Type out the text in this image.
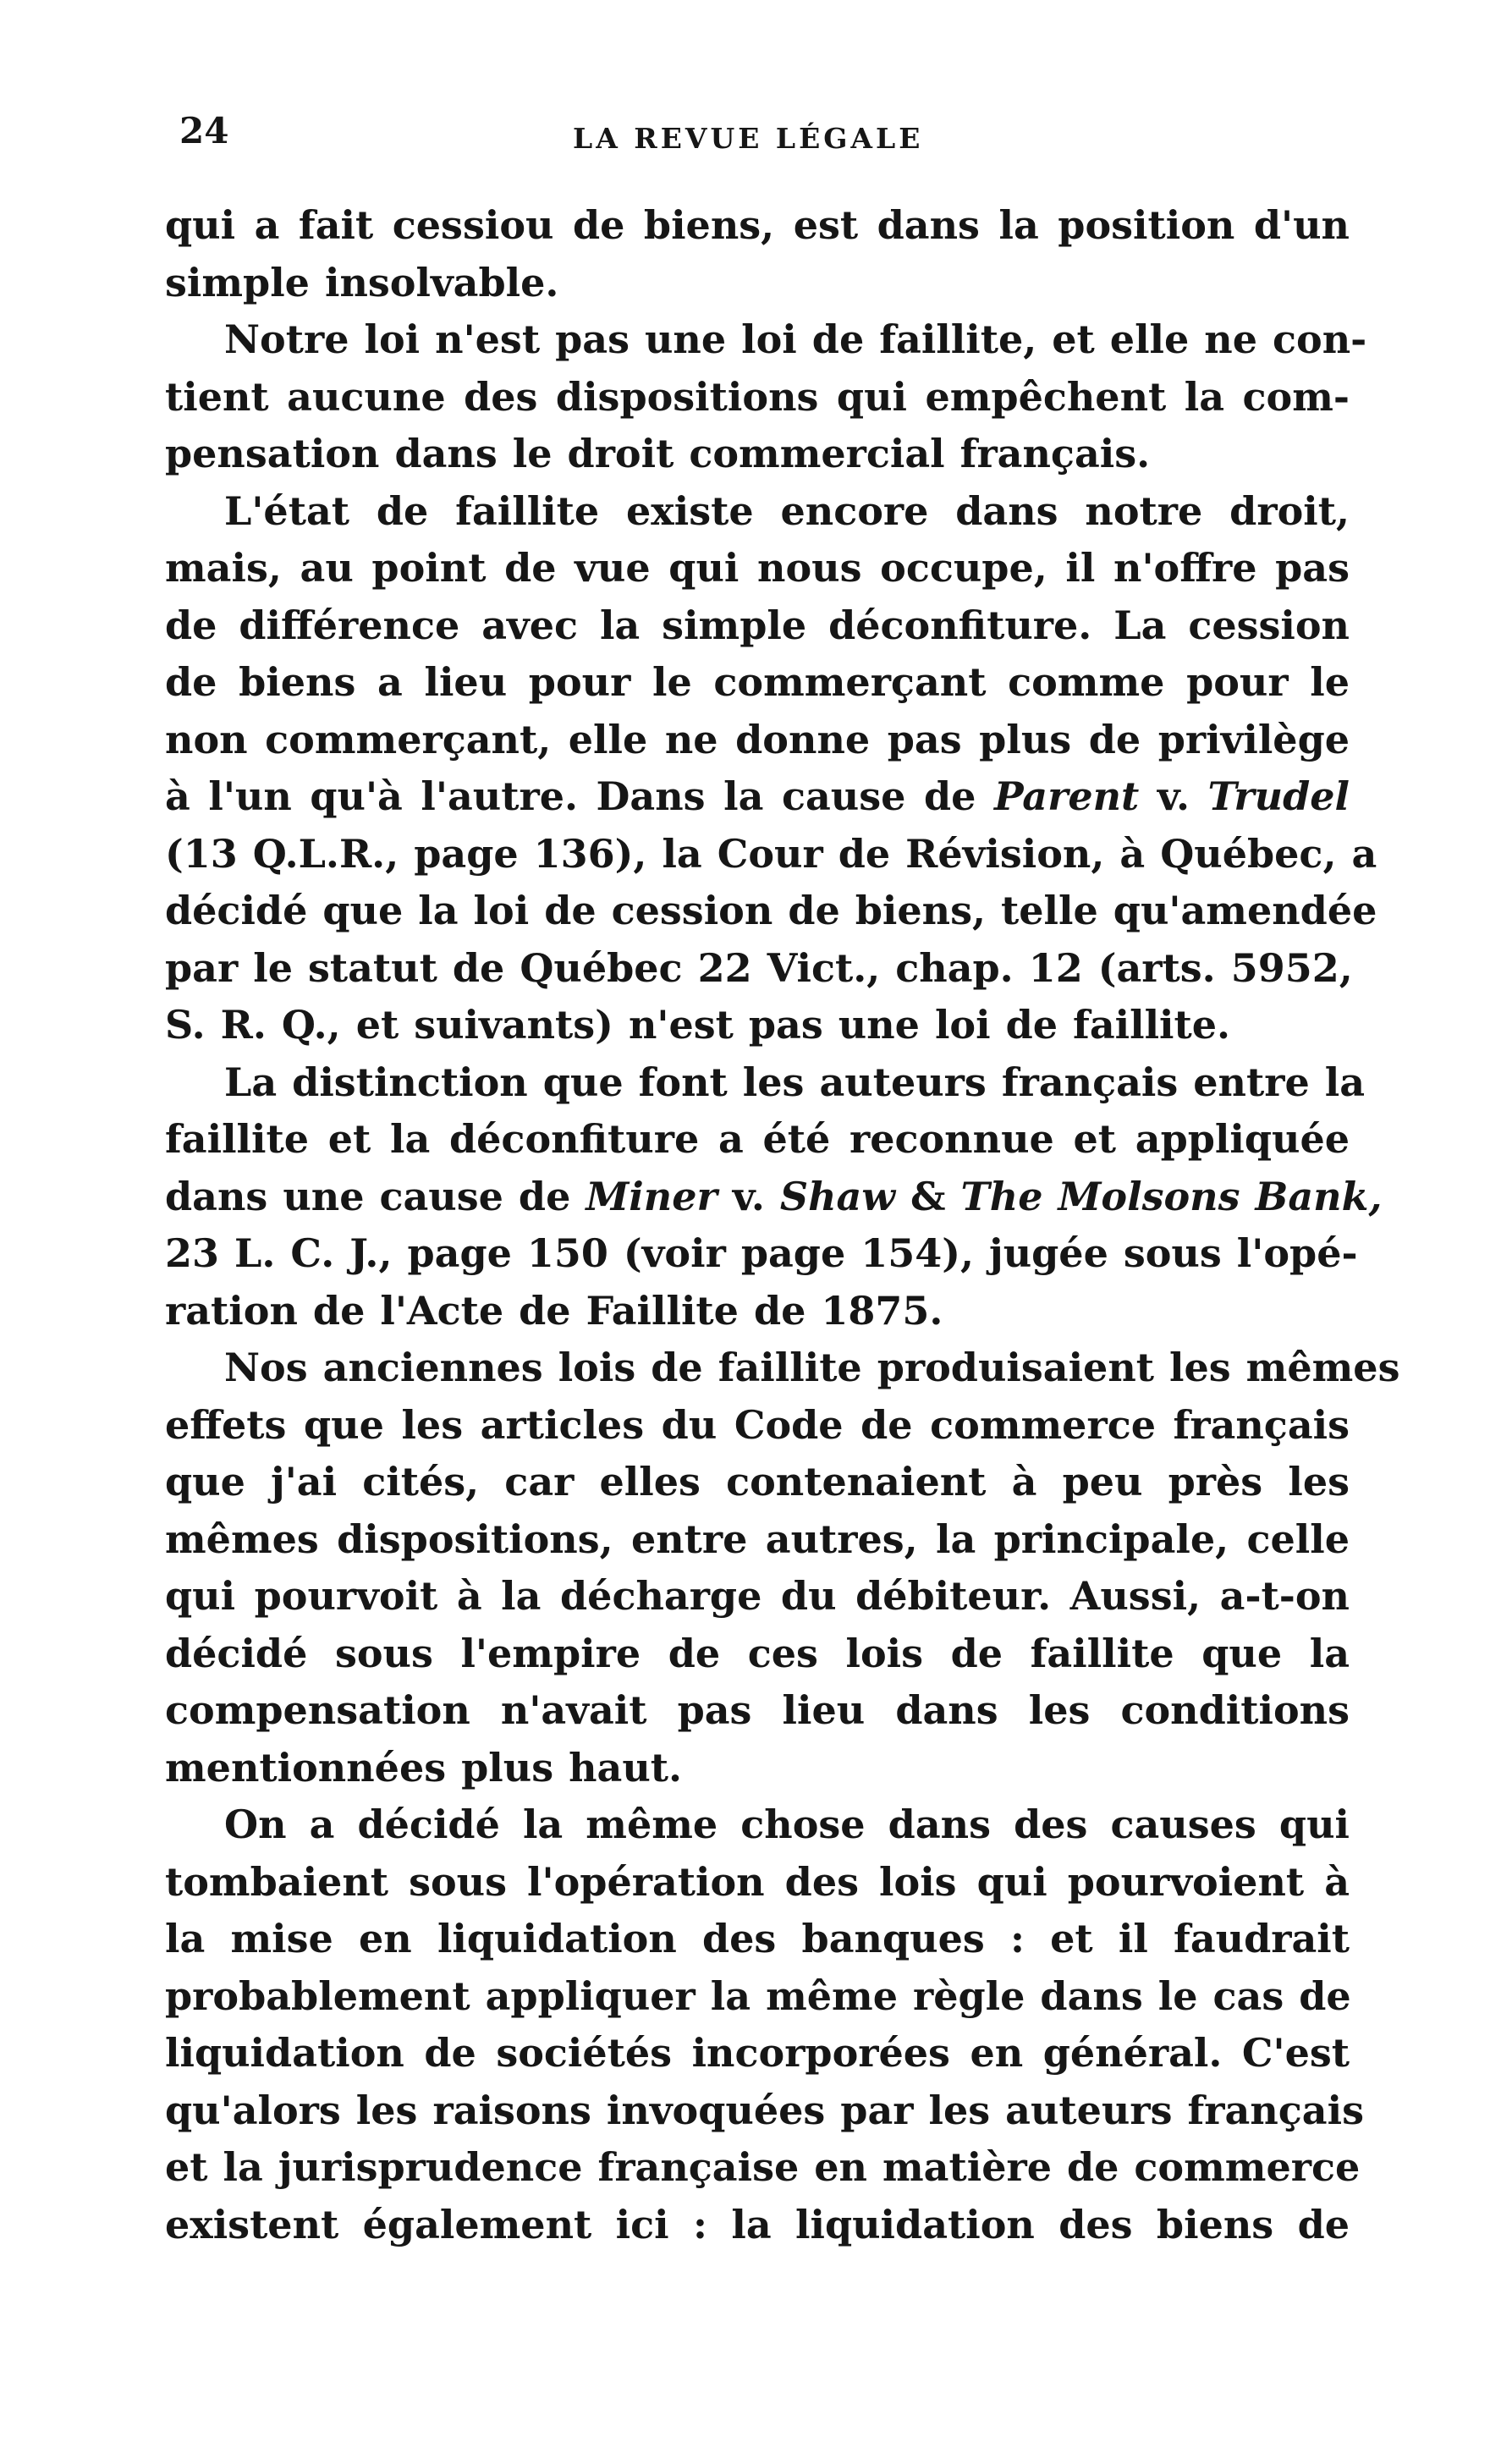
24	LA REVUE LÉGALE
qui a fait cessiou de biens, est dans la position d'un
simple insolvable.
Notre loi n'est pas une loi de faillite, et elle ne con-
tient aucune des dispositions qui empêchent la com-
pensation dans le droit commercial français.
L'état de faillite existe encore dans notre droit,
mais, au point de vue qui nous occupe, il n'offre pas
de différence avec la simple déconfiture. La cession
de biens a lieu pour le commerçant comme pour le
non commerçant, elle ne donne pas plus de privilège
à l'un qu'à l'autre. Dans la cause de Parent v. Trudel
(13 Q.L.R., page 136), la Cour de Révision, à Québec, a
décidé que la loi de cession de biens, telle qu'amendée
par le statut de Québec 22 Vict., chap. 12 (arts. 5952,
S. R. Q., et suivants) n'est pas une loi de faillite.
La distinction que font les auteurs français entre la
faillite et la déconfiture a été reconnue et appliquée
dans une cause de Miner v. Shaw & The Molsons Bank,
23 L. C. J., page 150 (voir page 154), jugée sous l'opé-
ration de l'Acte de Faillite de 1875.
Nos anciennes lois de faillite produisaient les mêmes
effets que les articles du Code de commerce français
que j'ai cités, car elles contenaient à peu près les
mêmes dispositions, entre autres, la principale, celle
qui pourvoit à la décharge du débiteur. Aussi, a-t-on
décidé sous l'empire de ces lois de faillite que la
compensation n'avait pas lieu dans les conditions
mentionnées plus haut.
On a décidé la même chose dans des causes qui
tombaient sous l'opération des lois qui pourvoient à
la mise en liquidation des banques : et il faudrait
probablement appliquer la même règle dans le cas de
liquidation de sociétés incorporées en général. C'est
qu'alors les raisons invoquées par les auteurs français
et la jurisprudence française en matière de commerce
existent également ici : la liquidation des biens de
